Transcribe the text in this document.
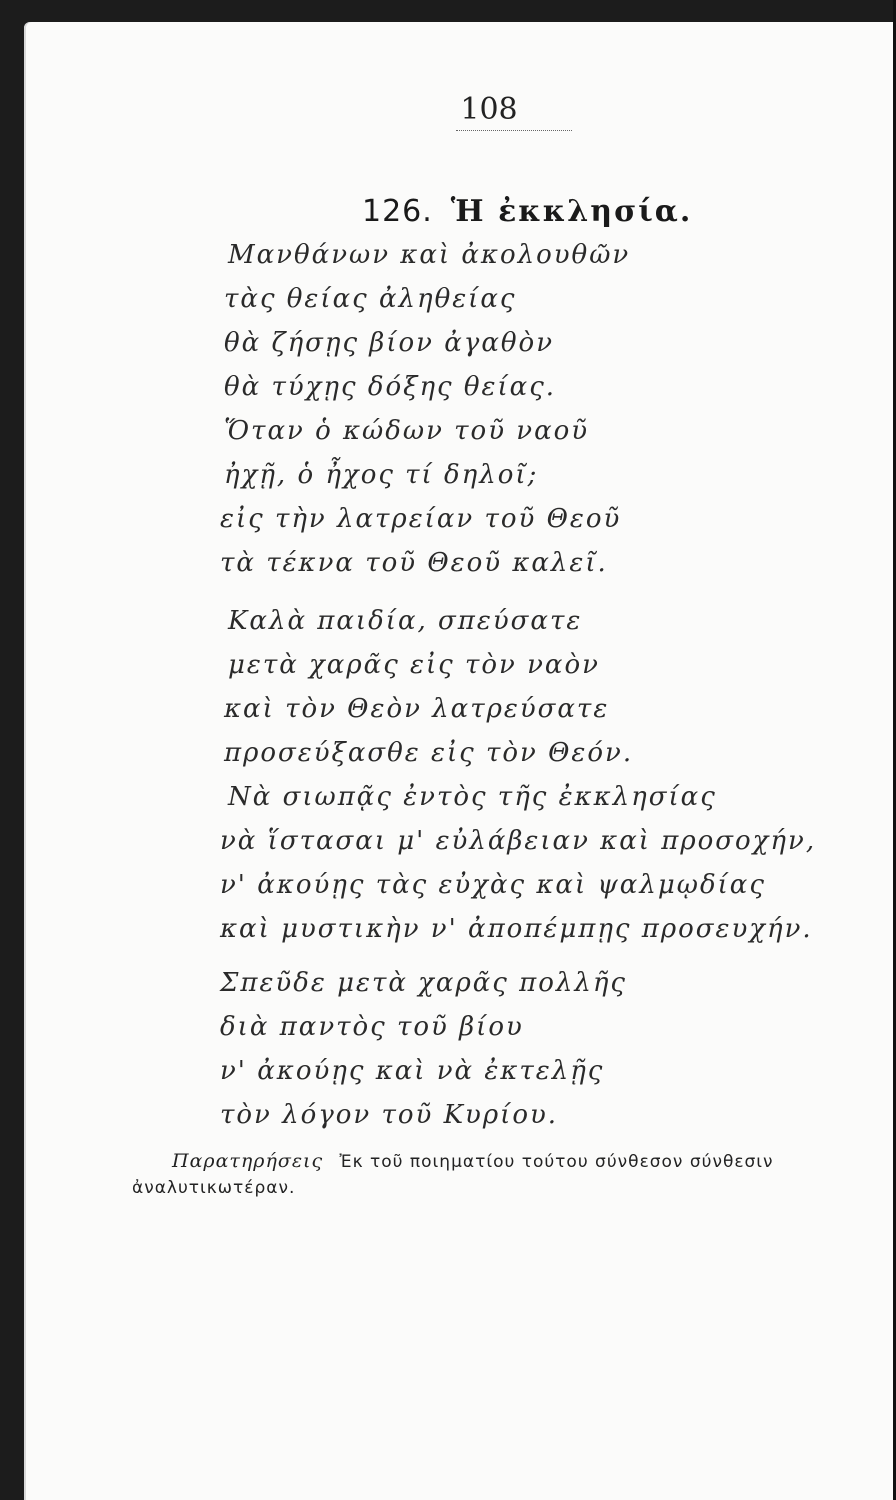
108
126. Ἡ ἐκκλησία.
Μανθάνων καὶ ἀκολουθῶν
τὰς θείας ἀληθείας
θὰ ζήσῃς βίον ἀγαθὸν
θὰ τύχῃς δόξης θείας.
Ὅταν ὁ κώδων τοῦ ναοῦ
ἠχῇ, ὁ ἦχος τί δηλοῖ;
εἰς τὴν λατρείαν τοῦ Θεοῦ
τὰ τέκνα τοῦ Θεοῦ καλεῖ.
Καλὰ παιδία, σπεύσατε
μετὰ χαρᾶς εἰς τὸν ναὸν
καὶ τὸν Θεὸν λατρεύσατε
προσεύξασθε εἰς τὸν Θεόν.
Νὰ σιωπᾷς ἐντὸς τῆς ἐκκλησίας
νὰ ἵστασαι μ' εὐλάβειαν καὶ προσοχήν,
ν' ἀκούῃς τὰς εὐχὰς καὶ ψαλμῳδίας
καὶ μυστικὴν ν' ἀποπέμπῃς προσευχήν.
Σπεῦδε μετὰ χαρᾶς πολλῆς
διὰ παντὸς τοῦ βίου
ν' ἀκούῃς καὶ νὰ ἐκτελῇς
τὸν λόγον τοῦ Κυρίου.
Παρατηρήσεις Ἐκ τοῦ ποιηματίου τούτου σύνθεσον σύνθεσιν
ἀναλυτικωτέραν.
